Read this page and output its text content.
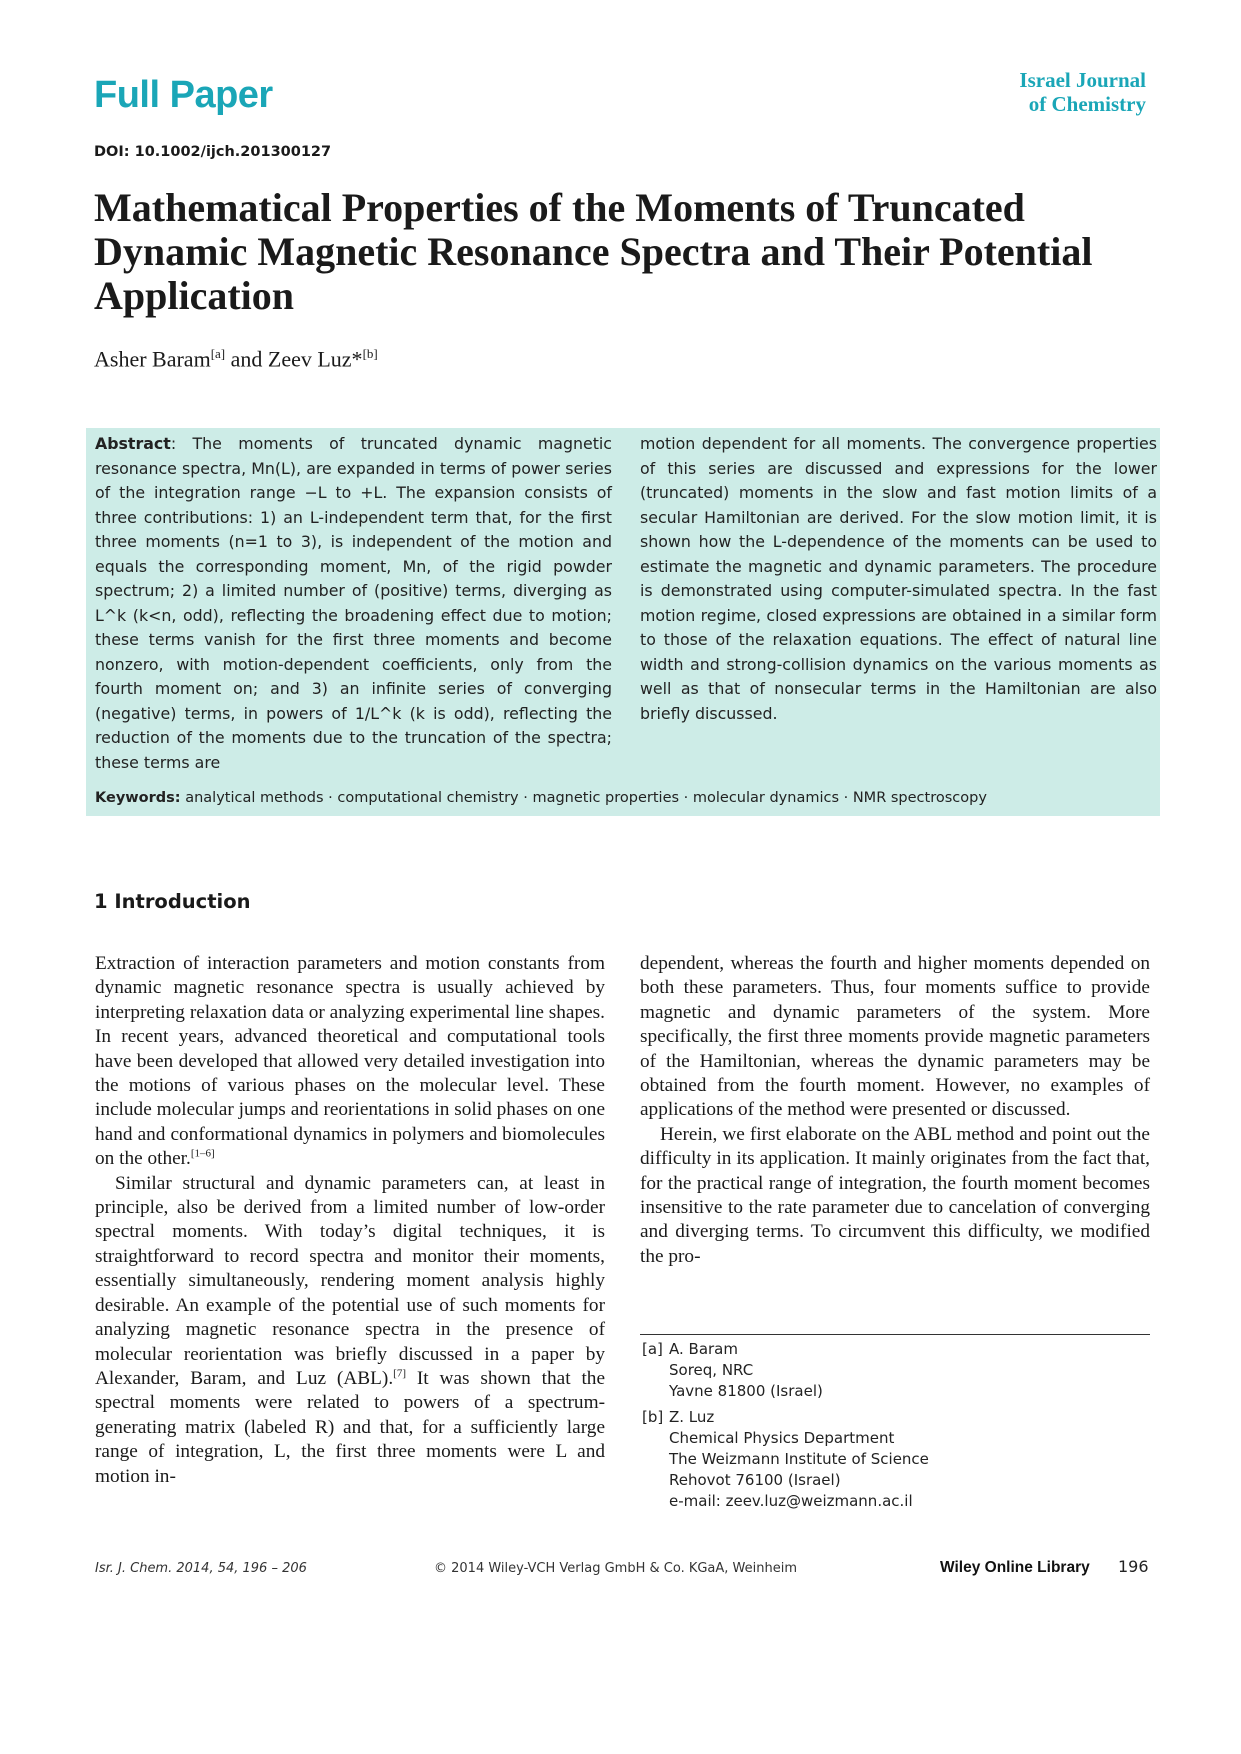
Full Paper	Israel Journal
of Chemistry
DOI: 10.1002/ijch.201300127
Mathematical Properties of the Moments of Truncated Dynamic Magnetic Resonance Spectra and Their Potential Application
Asher Baram[a] and Zeev Luz*[b]
Abstract: The moments of truncated dynamic magnetic resonance spectra, Mn(L), are expanded in terms of power series of the integration range −L to +L. The expansion consists of three contributions: 1) an L-independent term that, for the first three moments (n=1 to 3), is independent of the motion and equals the corresponding moment, Mn, of the rigid powder spectrum; 2) a limited number of (positive) terms, diverging as L^k (k<n, odd), reflecting the broadening effect due to motion; these terms vanish for the first three moments and become nonzero, with motion-dependent coefficients, only from the fourth moment on; and 3) an infinite series of converging (negative) terms, in powers of 1/L^k (k is odd), reflecting the reduction of the moments due to the truncation of the spectra; these terms are
motion dependent for all moments. The convergence properties of this series are discussed and expressions for the lower (truncated) moments in the slow and fast motion limits of a secular Hamiltonian are derived. For the slow motion limit, it is shown how the L-dependence of the moments can be used to estimate the magnetic and dynamic parameters. The procedure is demonstrated using computer-simulated spectra. In the fast motion regime, closed expressions are obtained in a similar form to those of the relaxation equations. The effect of natural line width and strong-collision dynamics on the various moments as well as that of nonsecular terms in the Hamiltonian are also briefly discussed.
Keywords: analytical methods · computational chemistry · magnetic properties · molecular dynamics · NMR spectroscopy
1 Introduction

Extraction of interaction parameters and motion constants from dynamic magnetic resonance spectra is usually achieved by interpreting relaxation data or analyzing experimental line shapes. In recent years, advanced theoretical and computational tools have been developed that allowed very detailed investigation into the motions of various phases on the molecular level. These include molecular jumps and reorientations in solid phases on one hand and conformational dynamics in polymers and biomolecules on the other.[1–6]

Similar structural and dynamic parameters can, at least in principle, also be derived from a limited number of low-order spectral moments. With today’s digital techniques, it is straightforward to record spectra and monitor their moments, essentially simultaneously, rendering moment analysis highly desirable. An example of the potential use of such moments for analyzing magnetic resonance spectra in the presence of molecular reorientation was briefly discussed in a paper by Alexander, Baram, and Luz (ABL).[7] It was shown that the spectral moments were related to powers of a spectrum-generating matrix (labeled R) and that, for a sufficiently large range of integration, L, the first three moments were L and motion in-

dependent, whereas the fourth and higher moments depended on both these parameters. Thus, four moments suffice to provide magnetic and dynamic parameters of the system. More specifically, the first three moments provide magnetic parameters of the Hamiltonian, whereas the dynamic parameters may be obtained from the fourth moment. However, no examples of applications of the method were presented or discussed.

Herein, we first elaborate on the ABL method and point out the difficulty in its application. It mainly originates from the fact that, for the practical range of integration, the fourth moment becomes insensitive to the rate parameter due to cancelation of converging and diverging terms. To circumvent this difficulty, we modified the pro-

[a] A. Baram
Soreq, NRC
Yavne 81800 (Israel)
[b] Z. Luz
Chemical Physics Department
The Weizmann Institute of Science
Rehovot 76100 (Israel)
e-mail: zeev.luz@weizmann.ac.il
Isr. J. Chem. 2014, 54, 196 – 206	© 2014 Wiley-VCH Verlag GmbH & Co. KGaA, Weinheim	Wiley Online Library 196
